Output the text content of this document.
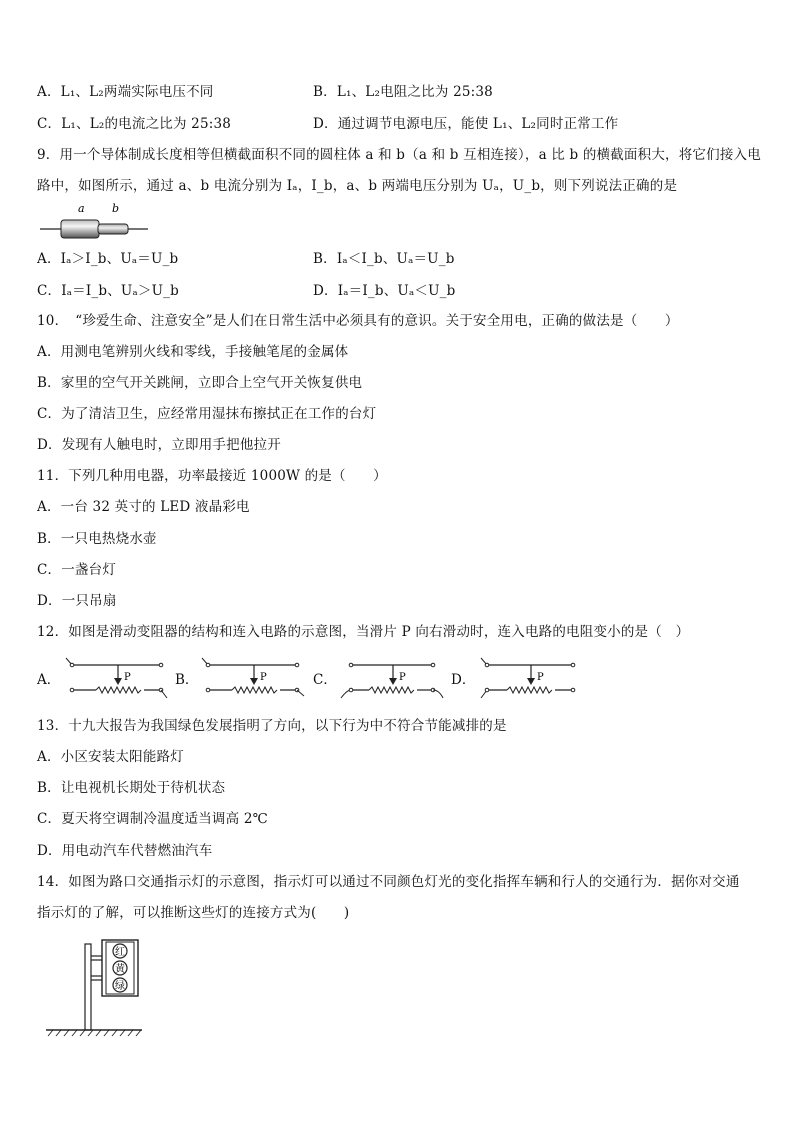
A．L₁、L₂两端实际电压不同	B．L₁、L₂电阻之比为 25:38
C．L₁、L₂的电流之比为 25:38	D．通过调节电源电压，能使 L₁、L₂同时正常工作
9．用一个导体制成长度相等但横截面积不同的圆柱体 a 和 b（a 和 b 互相连接），a 比 b 的横截面积大，将它们接入电
路中，如图所示，通过 a、b 电流分别为 Iₐ，I_b，a、b 两端电压分别为 Uₐ，U_b，则下列说法正确的是
a b
A．Iₐ＞I_b、Uₐ＝U_b	B．Iₐ＜I_b、Uₐ＝U_b
C．Iₐ＝I_b、Uₐ＞U_b	D．Iₐ＝I_b、Uₐ＜U_b
10．　“珍爱生命、注意安全”是人们在日常生活中必须具有的意识。关于安全用电，正确的做法是（　　）
A．用测电笔辨别火线和零线，手接触笔尾的金属体
B．家里的空气开关跳闸，立即合上空气开关恢复供电
C．为了清洁卫生，应经常用湿抹布擦拭正在工作的台灯
D．发现有人触电时，立即用手把他拉开
11．下列几种用电器，功率最接近 1000W 的是（　　）
A．一台 32 英寸的 LED 液晶彩电
B．一只电热烧水壶
C．一盏台灯
D．一只吊扇
12．如图是滑动变阻器的结构和连入电路的示意图，当滑片 P 向右滑动时，连入电路的电阻变小的是（　）
A．	P	B．	P	C．	P	D．	P
13．十九大报告为我国绿色发展指明了方向，以下行为中不符合节能减排的是
A．小区安装太阳能路灯
B．让电视机长期处于待机状态
C．夏天将空调制冷温度适当调高 2℃
D．用电动汽车代替燃油汽车
14．如图为路口交通指示灯的示意图，指示灯可以通过不同颜色灯光的变化指挥车辆和行人的交通行为．据你对交通
指示灯的了解，可以推断这些灯的连接方式为(　　)
红
黄
绿
